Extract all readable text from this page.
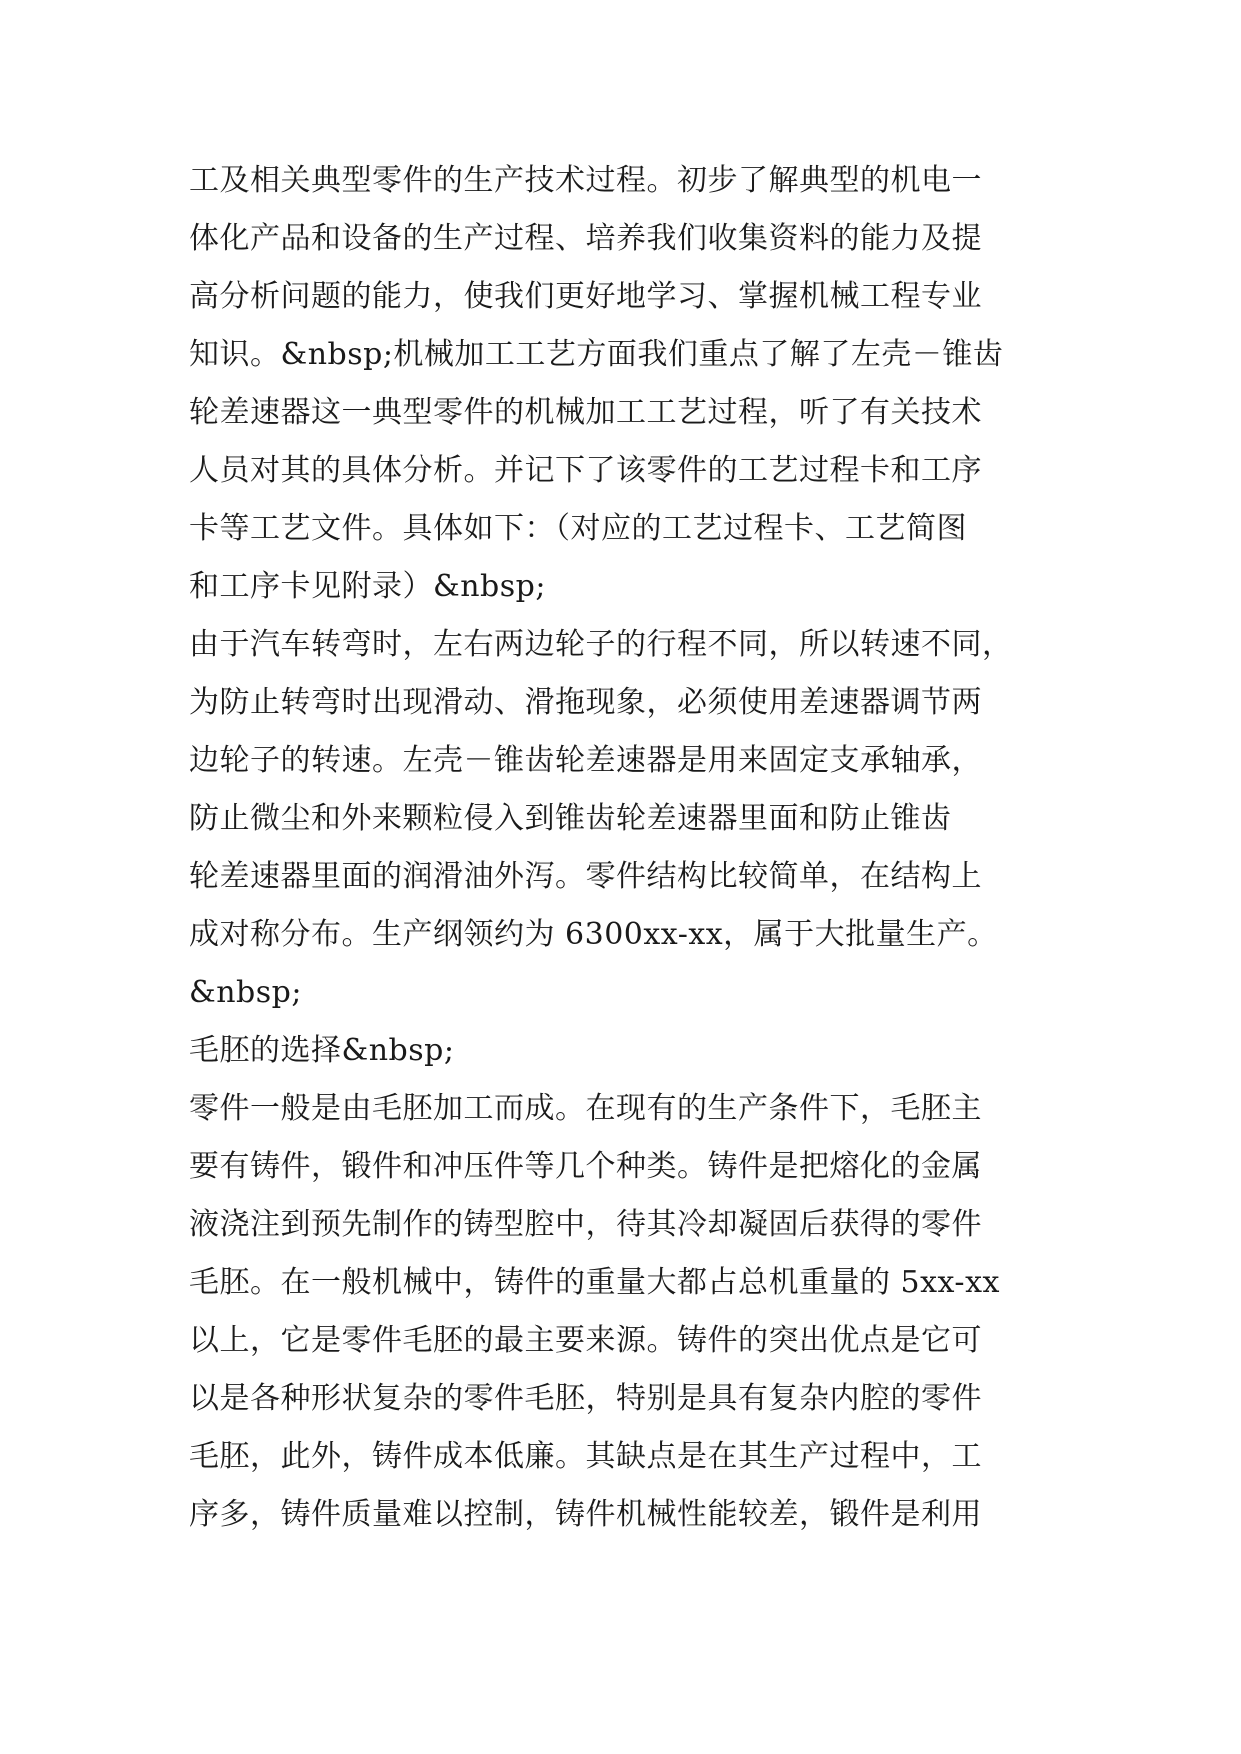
工及相关典型零件的生产技术过程。初步了解典型的机电一
体化产品和设备的生产过程、培养我们收集资料的能力及提
高分析问题的能力，使我们更好地学习、掌握机械工程专业
知识。&nbsp;机械加工工艺方面我们重点了解了左壳－锥齿
轮差速器这一典型零件的机械加工工艺过程，听了有关技术
人员对其的具体分析。并记下了该零件的工艺过程卡和工序
卡等工艺文件。具体如下：（对应的工艺过程卡、工艺简图
和工序卡见附录）&nbsp;
由于汽车转弯时，左右两边轮子的行程不同，所以转速不同，
为防止转弯时出现滑动、滑拖现象，必须使用差速器调节两
边轮子的转速。左壳－锥齿轮差速器是用来固定支承轴承，
防止微尘和外来颗粒侵入到锥齿轮差速器里面和防止锥齿
轮差速器里面的润滑油外泻。零件结构比较简单，在结构上
成对称分布。生产纲领约为 6300xx-xx，属于大批量生产。
&nbsp;
毛胚的选择&nbsp;
零件一般是由毛胚加工而成。在现有的生产条件下，毛胚主
要有铸件，锻件和冲压件等几个种类。铸件是把熔化的金属
液浇注到预先制作的铸型腔中，待其冷却凝固后获得的零件
毛胚。在一般机械中，铸件的重量大都占总机重量的 5xx-xx
以上，它是零件毛胚的最主要来源。铸件的突出优点是它可
以是各种形状复杂的零件毛胚，特别是具有复杂内腔的零件
毛胚，此外，铸件成本低廉。其缺点是在其生产过程中，工
序多，铸件质量难以控制，铸件机械性能较差，锻件是利用
